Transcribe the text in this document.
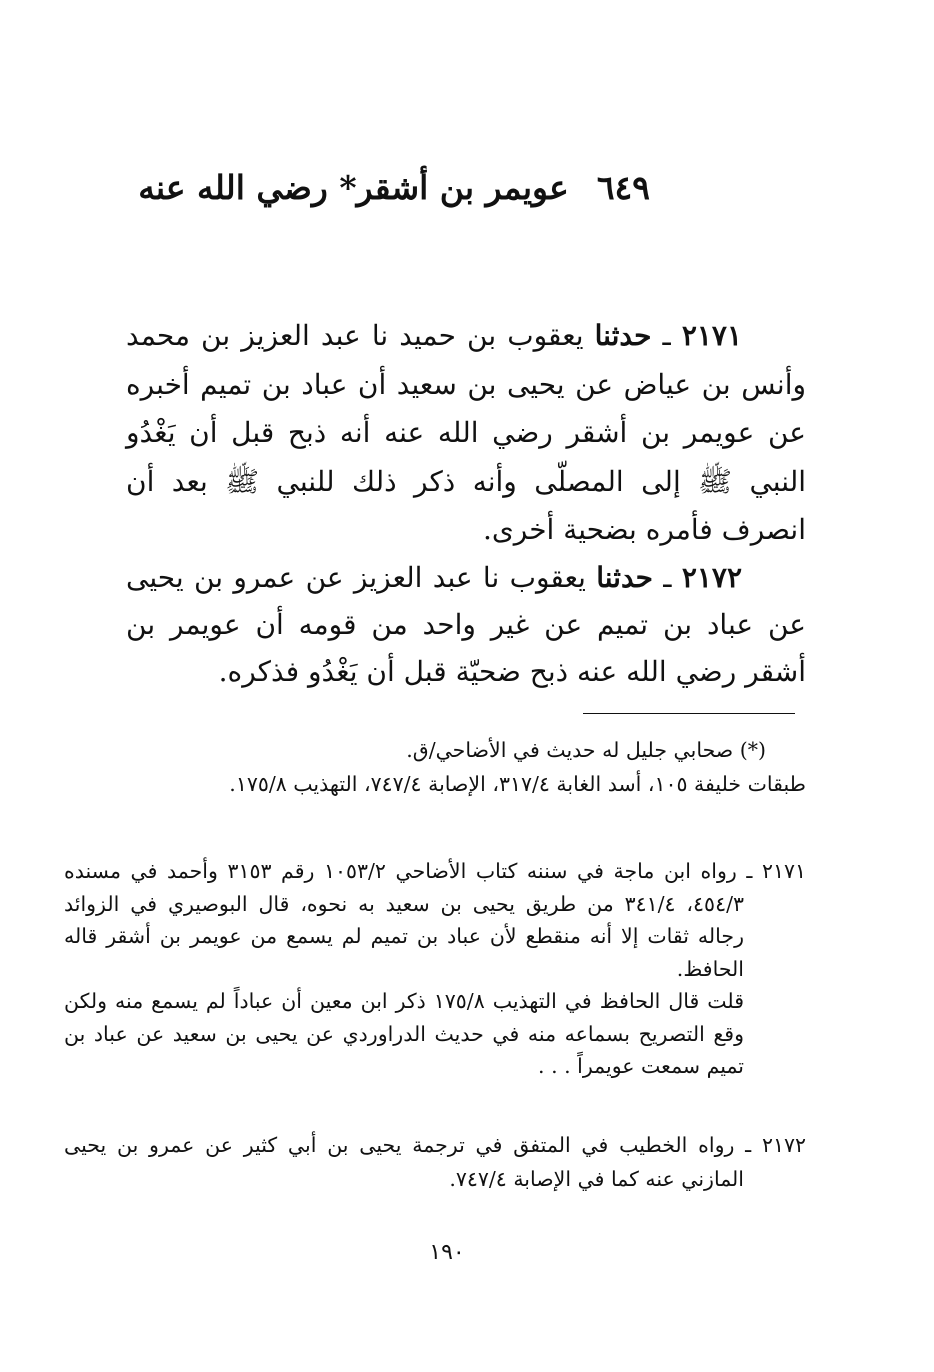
٦٤٩عويمر بن أشقر* رضي الله عنه
٢١٧١ ـ حدثنا يعقوب بن حميد نا عبد العزيز بن محمد وأنس بن عياض عن يحيى بن سعيد أن عباد بن تميم أخبره عن عويمر بن أشقر رضي الله عنه أنه ذبح قبل أن يَغْدُو النبي ﷺ إلى المصلّى وأنه ذكر ذلك للنبي ﷺ بعد أن انصرف فأمره بضحية أخرى.
٢١٧٢ ـ حدثنا يعقوب نا عبد العزيز عن عمرو بن يحيى عن عباد بن تميم عن غير واحد من قومه أن عويمر بن أشقر رضي الله عنه ذبح ضحيّة قبل أن يَغْدُو فذكره.
(*) صحابي جليل له حديث في الأضاحي/ق.
طبقات خليفة ١٠٥، أسد الغابة ٣١٧/٤، الإصابة ٧٤٧/٤، التهذيب ١٧٥/٨.
٢١٧١ ـ رواه ابن ماجة في سننه كتاب الأضاحي ١٠٥٣/٢ رقم ٣١٥٣ وأحمد في مسنده ٤٥٤/٣، ٣٤١/٤ من طريق يحيى بن سعيد به نحوه، قال البوصيري في الزوائد رجاله ثقات إلا أنه منقطع لأن عباد بن تميم لم يسمع من عويمر بن أشقر قاله الحافظ.
قلت قال الحافظ في التهذيب ١٧٥/٨ ذكر ابن معين أن عباداً لم يسمع منه ولكن وقع التصريح بسماعه منه في حديث الدراوردي عن يحيى بن سعيد عن عباد بن تميم سمعت عويمراً . . .
٢١٧٢ ـ رواه الخطيب في المتفق في ترجمة يحيى بن أبي كثير عن عمرو بن يحيى المازني عنه كما في الإصابة ٧٤٧/٤.
١٩٠
